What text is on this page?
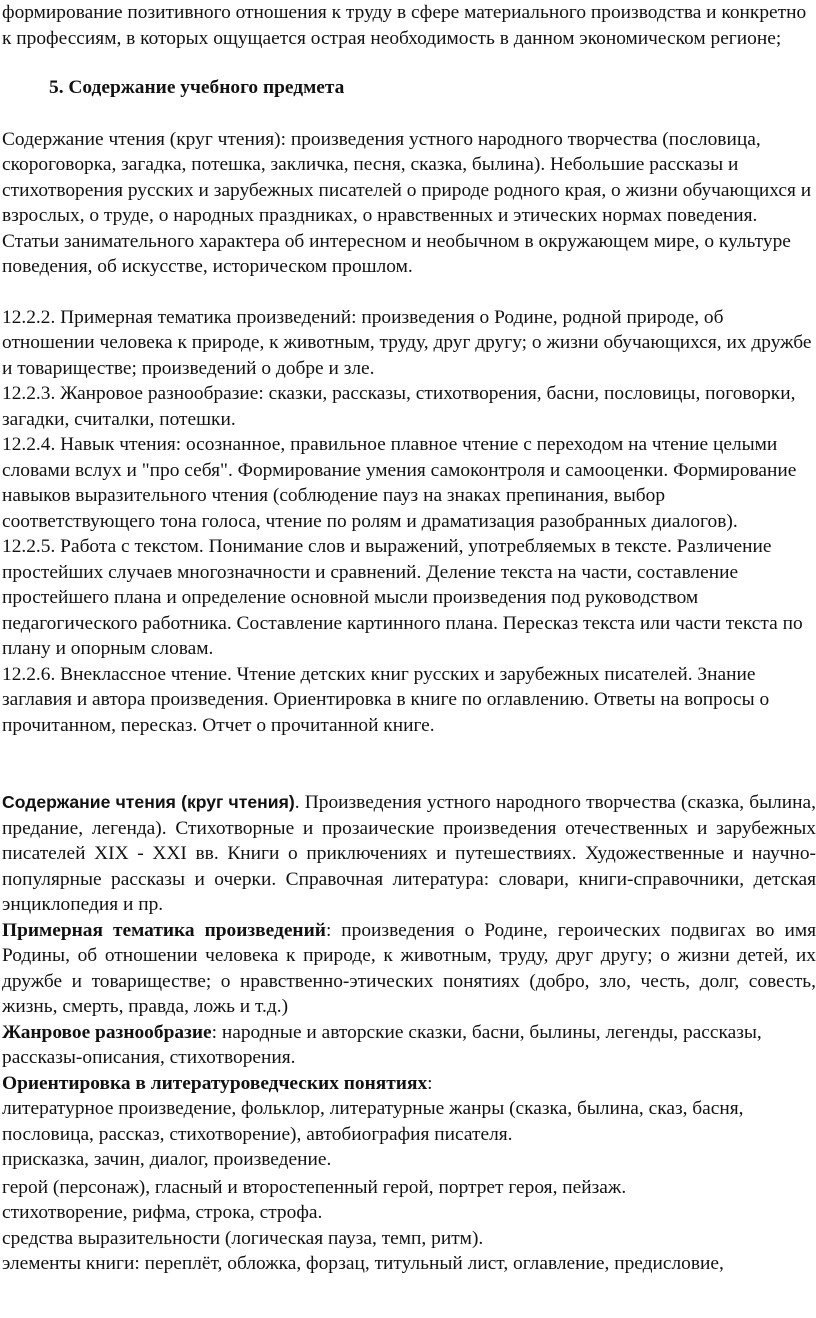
формирование позитивного отношения к труду в сфере материального производства и конкретно к профессиям, в которых ощущается острая необходимость в данном экономическом регионе;

5. Содержание учебного предмета

Содержание чтения (круг чтения): произведения устного народного творчества (пословица, скороговорка, загадка, потешка, закличка, песня, сказка, былина). Небольшие рассказы и стихотворения русских и зарубежных писателей о природе родного края, о жизни обучающихся и взрослых, о труде, о народных праздниках, о нравственных и этических нормах поведения. Статьи занимательного характера об интересном и необычном в окружающем мире, о культуре поведения, об искусстве, историческом прошлом.

12.2.2. Примерная тематика произведений: произведения о Родине, родной природе, об отношении человека к природе, к животным, труду, друг другу; о жизни обучающихся, их дружбе и товариществе; произведений о добре и зле.

12.2.3. Жанровое разнообразие: сказки, рассказы, стихотворения, басни, пословицы, поговорки, загадки, считалки, потешки.

12.2.4. Навык чтения: осознанное, правильное плавное чтение с переходом на чтение целыми словами вслух и "про себя". Формирование умения самоконтроля и самооценки. Формирование навыков выразительного чтения (соблюдение пауз на знаках препинания, выбор соответствующего тона голоса, чтение по ролям и драматизация разобранных диалогов).

12.2.5. Работа с текстом. Понимание слов и выражений, употребляемых в тексте. Различение простейших случаев многозначности и сравнений. Деление текста на части, составление простейшего плана и определение основной мысли произведения под руководством педагогического работника. Составление картинного плана. Пересказ текста или части текста по плану и опорным словам.

12.2.6. Внеклассное чтение. Чтение детских книг русских и зарубежных писателей. Знание заглавия и автора произведения. Ориентировка в книге по оглавлению. Ответы на вопросы о прочитанном, пересказ. Отчет о прочитанной книге.

Содержание чтения (круг чтения). Произведения устного народного творчества (сказка, былина, предание, легенда). Стихотворные и прозаические произведения отечественных и зарубежных писателей XIX - XXI вв. Книги о приключениях и путешествиях. Художественные и научно-популярные рассказы и очерки. Справочная литература: словари, книги-справочники, детская энциклопедия и пр.

Примерная тематика произведений: произведения о Родине, героических подвигах во имя Родины, об отношении человека к природе, к животным, труду, друг другу; о жизни детей, их дружбе и товариществе; о нравственно-этических понятиях (добро, зло, честь, долг, совесть, жизнь, смерть, правда, ложь и т.д.)

Жанровое разнообразие: народные и авторские сказки, басни, былины, легенды, рассказы, рассказы-описания, стихотворения.

Ориентировка в литературоведческих понятиях:

литературное произведение, фольклор, литературные жанры (сказка, былина, сказ, басня, пословица, рассказ, стихотворение), автобиография писателя.

присказка, зачин, диалог, произведение.

герой (персонаж), гласный и второстепенный герой, портрет героя, пейзаж.

стихотворение, рифма, строка, строфа.

средства выразительности (логическая пауза, темп, ритм).

элементы книги: переплёт, обложка, форзац, титульный лист, оглавление, предисловие,
